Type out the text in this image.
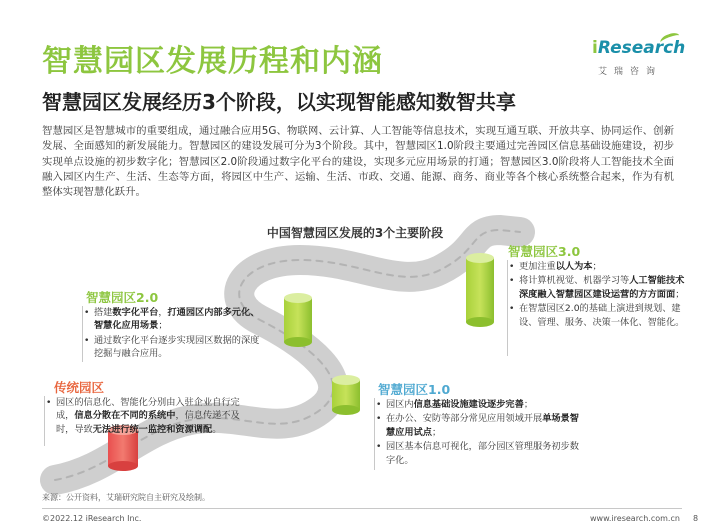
智慧园区发展历程和内涵
智慧园区发展经历3个阶段，以实现智能感知数智共享
iResearch
艾瑞咨询
智慧园区是智慧城市的重要组成，通过融合应用5G、物联网、云计算、人工智能等信息技术，实现互通互联、开放共享、协同运作、创新发展、全面感知的新发展能力。智慧园区的建设发展可分为3个阶段。其中，智慧园区1.0阶段主要通过完善园区信息基础设施建设，初步实现单点设施的初步数字化；智慧园区2.0阶段通过数字化平台的建设，实现多元应用场景的打通；智慧园区3.0阶段将人工智能技术全面融入园区内生产、生活、生态等方面，将园区中生产、运输、生活、市政、交通、能源、商务、商业等各个核心系统整合起来，作为有机整体实现智慧化跃升。
中国智慧园区发展的3个主要阶段
智慧园区2.0
• 搭建数字化平台，打通园区内部多元化、智慧化应用场景；
• 通过数字化平台逐步实现园区数据的深度挖掘与融合应用。
传统园区
• 园区的信息化、智能化分别由入驻企业自行完成，信息分散在不同的系统中，信息传递不及时，导致无法进行统一监控和资源调配。
智慧园区3.0
• 更加注重以人为本；
• 将计算机视觉、机器学习等人工智能技术深度融入智慧园区建设运营的方方面面；
• 在智慧园区2.0的基础上演进到规划、建设、管理、服务、决策一体化、智能化。
智慧园区1.0
• 园区内信息基础设施建设逐步完善；
• 在办公、安防等部分常见应用领域开展单场景智慧应用试点；
• 园区基本信息可视化，部分园区管理服务初步数字化。
来源：公开资料，艾瑞研究院自主研究及绘制。
©2022.12 iResearch Inc.	www.iresearch.com.cn 8
